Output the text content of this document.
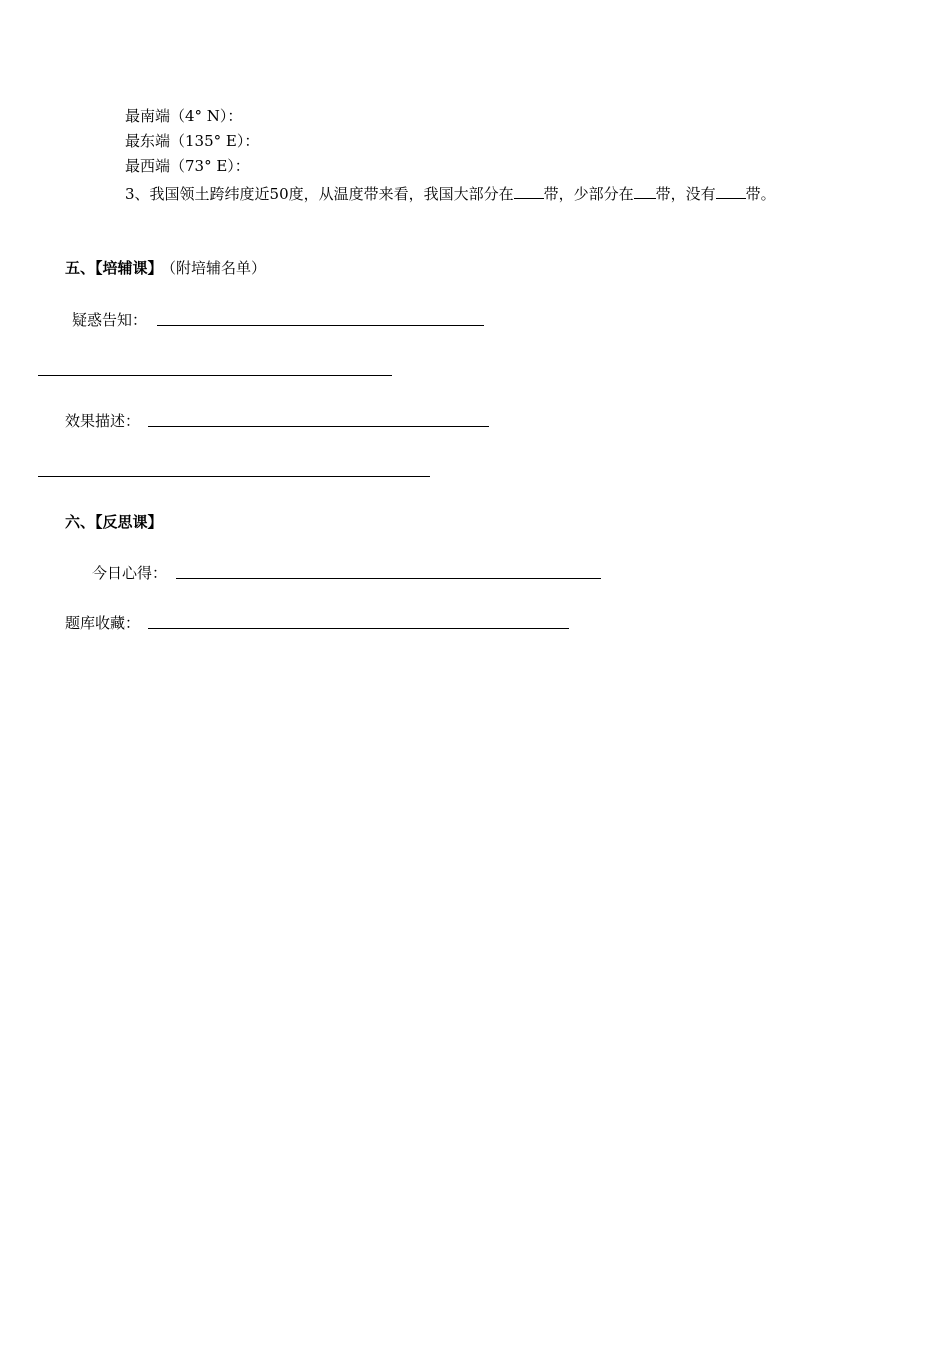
最南端（4° N）：
最东端（135° E）：
最西端（73° E）：
3、我国领土跨纬度近50度，从温度带来看，我国大部分在 带，少部分在 带，没有 带。
五、【培辅课】 （附培辅名单）
疑惑告知：
效果描述：
六、【反思课】
今日心得：
题库收藏：
